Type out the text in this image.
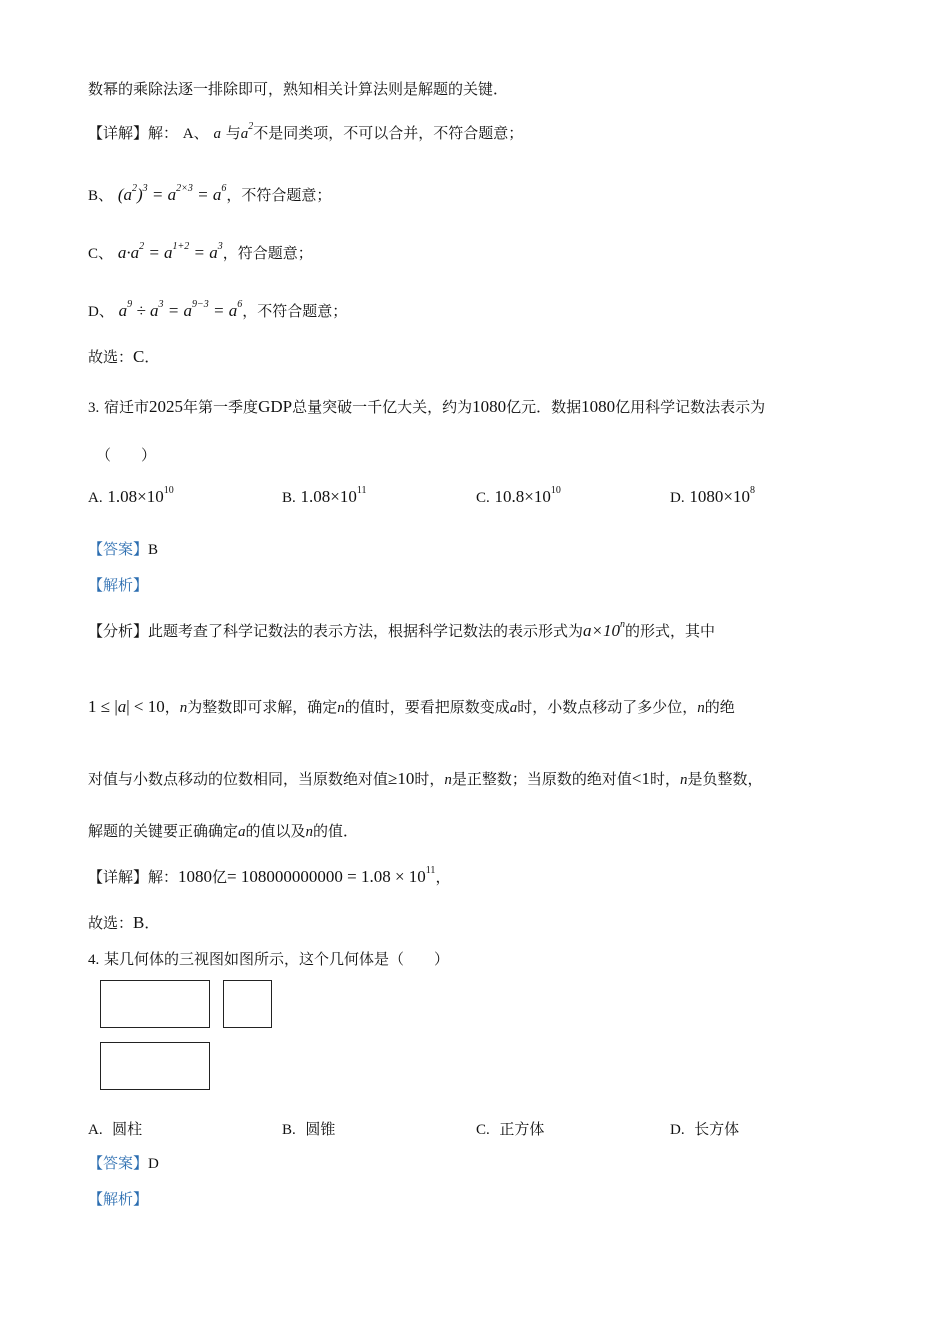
数幂的乘除法逐一排除即可，熟知相关计算法则是解题的关键．
【详解】解： A、 a 与$a^2$不是同类项，不可以合并，不符合题意；
B、 $(a^2)^3 = a^{2\times 3} = a^6$，不符合题意；
C、 $a\cdot a^2 = a^{1+2} = a^3$，符合题意；
D、 $a^9 \div a^3 = a^{9-3} = a^6$，不符合题意；
故选：C．
3. 宿迁市2025年第一季度GDP总量突破一千亿大关，约为1080亿元．数据1080亿用科学记数法表示为
（　　）
A. $1.08\times 10^{10}$	B. $1.08\times 10^{11}$	C. $10.8\times 10^{10}$	D. $1080\times 10^8$
【答案】B
【解析】
【分析】此题考查了科学记数法的表示方法，根据科学记数法的表示形式为$a\times 10^n$的形式，其中
1 ≤ |a| < 10，n为整数即可求解，确定n的值时，要看把原数变成a时，小数点移动了多少位，n的绝
对值与小数点移动的位数相同，当原数绝对值≥10时，n是正整数；当原数的绝对值<1时，n是负整数，
解题的关键要正确确定a的值以及n的值．
【详解】解：1080亿= $108000000000 = 1.08 \times 10^{11}$，
故选：B．
4. 某几何体的三视图如图所示，这个几何体是（　　）
A. 圆柱	B. 圆锥	C. 正方体	D. 长方体
【答案】D
【解析】
